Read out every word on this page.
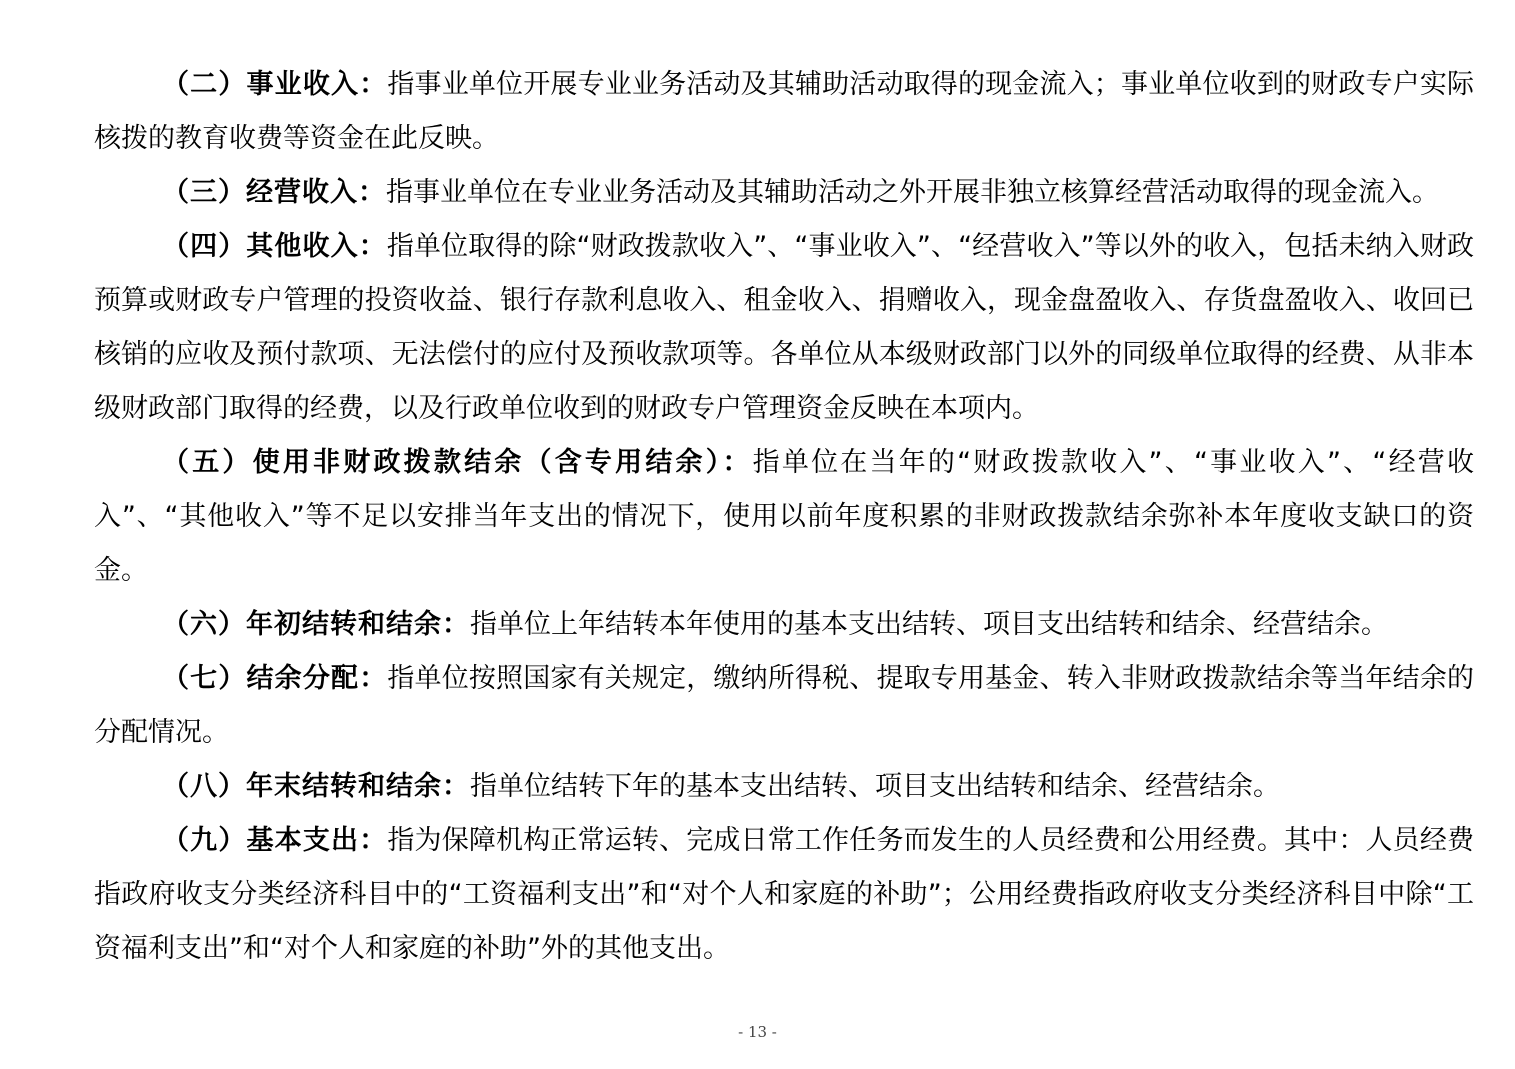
（二）事业收入：指事业单位开展专业业务活动及其辅助活动取得的现金流入；事业单位收到的财政专户实际核拨的教育收费等资金在此反映。

（三）经营收入：指事业单位在专业业务活动及其辅助活动之外开展非独立核算经营活动取得的现金流入。

（四）其他收入：指单位取得的除“财政拨款收入”、“事业收入”、“经营收入”等以外的收入，包括未纳入财政预算或财政专户管理的投资收益、银行存款利息收入、租金收入、捐赠收入，现金盘盈收入、存货盘盈收入、收回已核销的应收及预付款项、无法偿付的应付及预收款项等。各单位从本级财政部门以外的同级单位取得的经费、从非本级财政部门取得的经费，以及行政单位收到的财政专户管理资金反映在本项内。

（五）使用非财政拨款结余（含专用结余）：指单位在当年的“财政拨款收入”、“事业收入”、“经营收入”、“其他收入”等不足以安排当年支出的情况下，使用以前年度积累的非财政拨款结余弥补本年度收支缺口的资金。

（六）年初结转和结余：指单位上年结转本年使用的基本支出结转、项目支出结转和结余、经营结余。

（七）结余分配：指单位按照国家有关规定，缴纳所得税、提取专用基金、转入非财政拨款结余等当年结余的分配情况。

（八）年末结转和结余：指单位结转下年的基本支出结转、项目支出结转和结余、经营结余。

（九）基本支出：指为保障机构正常运转、完成日常工作任务而发生的人员经费和公用经费。其中：人员经费指政府收支分类经济科目中的“工资福利支出”和“对个人和家庭的补助”；公用经费指政府收支分类经济科目中除“工资福利支出”和“对个人和家庭的补助”外的其他支出。

- 13 -
